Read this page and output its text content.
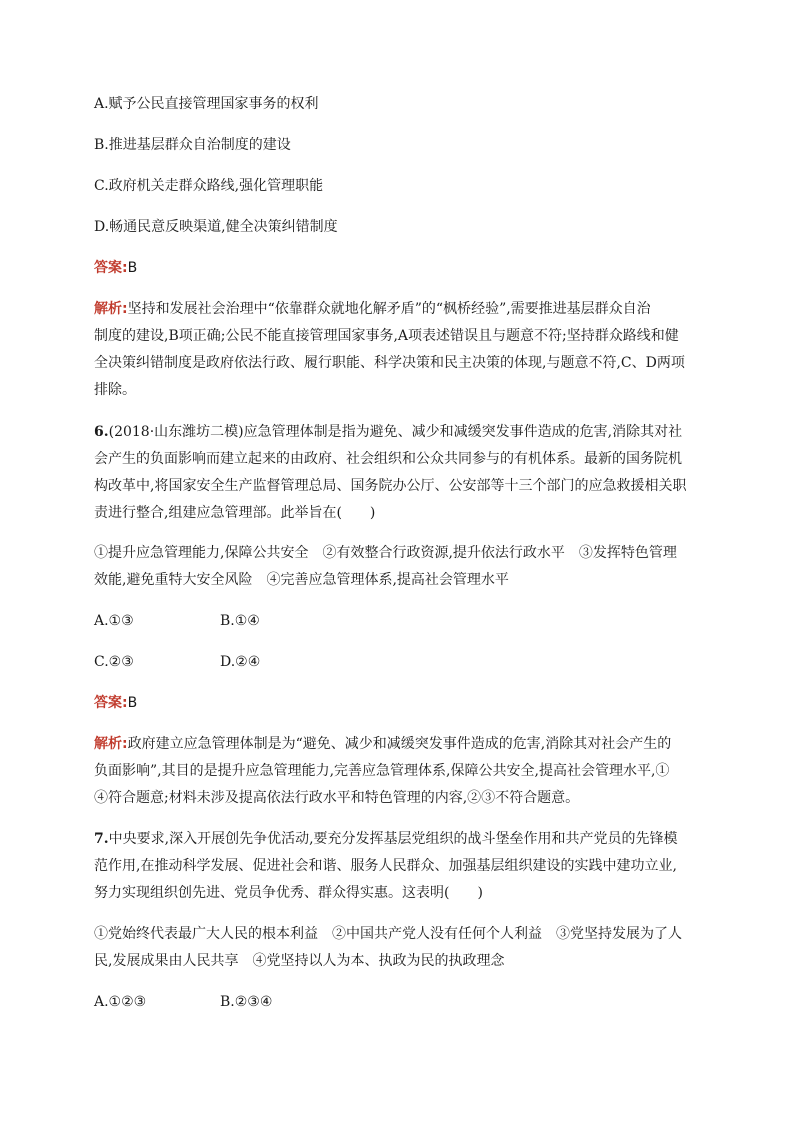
A.赋予公民直接管理国家事务的权利
B.推进基层群众自治制度的建设
C.政府机关走群众路线,强化管理职能
D.畅通民意反映渠道,健全决策纠错制度
答案:B
解析:坚持和发展社会治理中“依靠群众就地化解矛盾”的“枫桥经验”,需要推进基层群众自治
制度的建设,B项正确;公民不能直接管理国家事务,A项表述错误且与题意不符;坚持群众路线和健
全决策纠错制度是政府依法行政、履行职能、科学决策和民主决策的体现,与题意不符,C、D两项
排除。
6.(2018·山东潍坊二模)应急管理体制是指为避免、减少和减缓突发事件造成的危害,消除其对社
会产生的负面影响而建立起来的由政府、社会组织和公众共同参与的有机体系。最新的国务院机
构改革中,将国家安全生产监督管理总局、国务院办公厅、公安部等十三个部门的应急救援相关职
责进行整合,组建应急管理部。此举旨在(　　)
①提升应急管理能力,保障公共安全　②有效整合行政资源,提升依法行政水平　③发挥特色管理
效能,避免重特大安全风险　④完善应急管理体系,提高社会管理水平
A.①③	B.①④
C.②③	D.②④
答案:B
解析:政府建立应急管理体制是为“避免、减少和减缓突发事件造成的危害,消除其对社会产生的
负面影响”,其目的是提升应急管理能力,完善应急管理体系,保障公共安全,提高社会管理水平,①
④符合题意;材料未涉及提高依法行政水平和特色管理的内容,②③不符合题意。
7.中央要求,深入开展创先争优活动,要充分发挥基层党组织的战斗堡垒作用和共产党员的先锋模
范作用,在推动科学发展、促进社会和谐、服务人民群众、加强基层组织建设的实践中建功立业,
努力实现组织创先进、党员争优秀、群众得实惠。这表明(　　)
①党始终代表最广大人民的根本利益　②中国共产党人没有任何个人利益　③党坚持发展为了人
民,发展成果由人民共享　④党坚持以人为本、执政为民的执政理念
A.①②③	B.②③④
